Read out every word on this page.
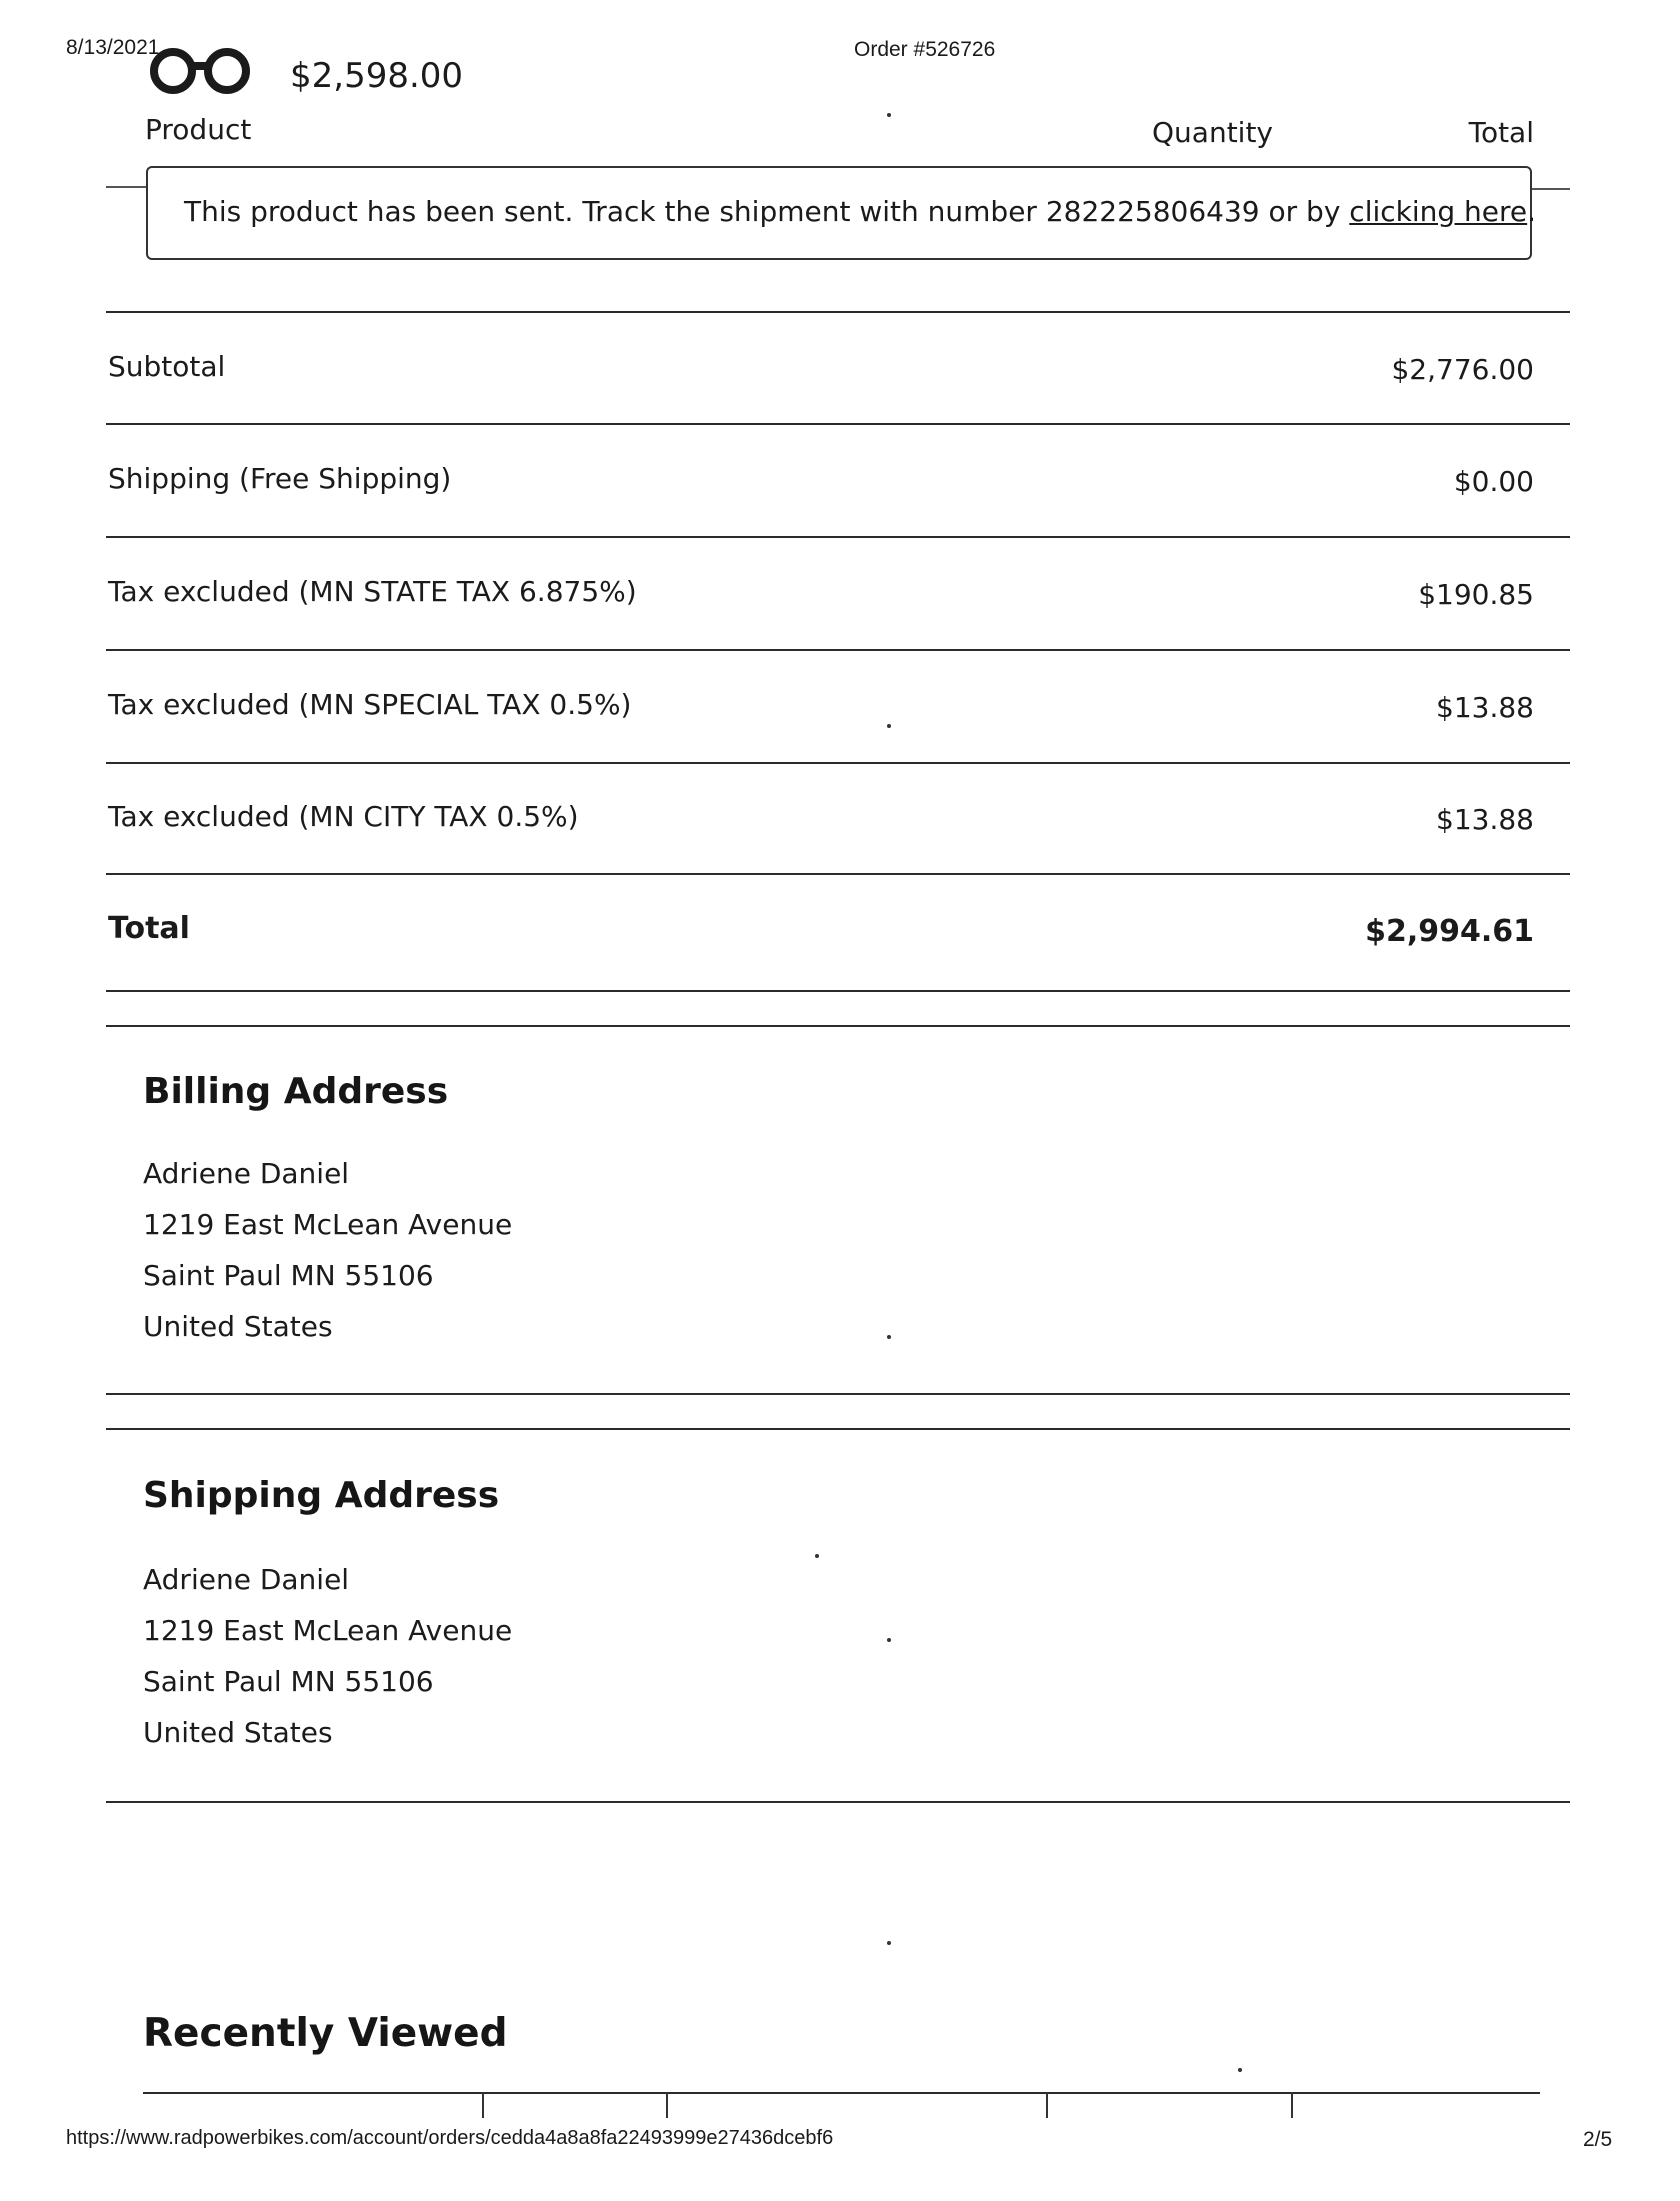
8/13/2021	Order #526726
$2,598.00
Product	Quantity	Total
This product has been sent. Track the shipment with number 282225806439 or by clicking here.
Subtotal	$2,776.00
Shipping (Free Shipping)	$0.00
Tax excluded (MN STATE TAX 6.875%)	$190.85
Tax excluded (MN SPECIAL TAX 0.5%)	$13.88
Tax excluded (MN CITY TAX 0.5%)	$13.88
Total	$2,994.61
Billing Address
Adriene Daniel
1219 East McLean Avenue
Saint Paul MN 55106
United States
Shipping Address
Adriene Daniel
1219 East McLean Avenue
Saint Paul MN 55106
United States
Recently Viewed
https://www.radpowerbikes.com/account/orders/cedda4a8a8fa22493999e27436dcebf6	2/5
